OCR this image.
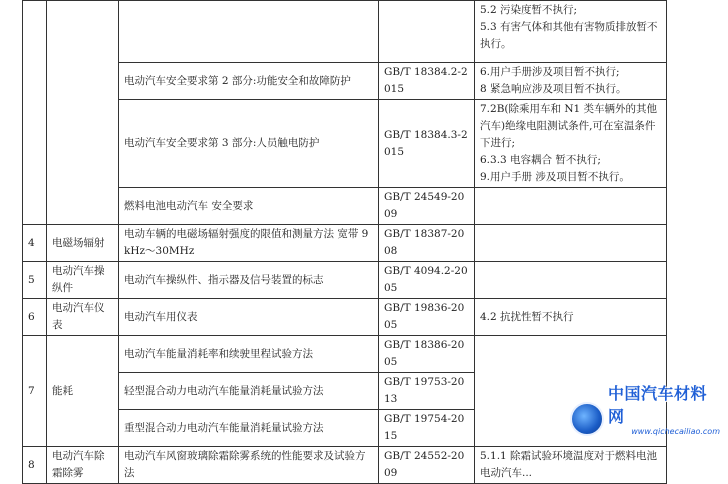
				5.2 污染度暂不执行;
5.3 有害气体和其他有害物质排放暂不执行。

		电动汽车安全要求第 2 部分:功能安全和故障防护	GB/T 18384.2-2015	6.用户手册涉及项目暂不执行;
8 紧急响应涉及项目暂不执行。

		电动汽车安全要求第 3 部分:人员触电防护	GB/T 18384.3-2015	7.2B(除乘用车和 N1 类车辆外的其他汽车)绝缘电阻测试条件,可在室温条件下进行;
6.3.3 电容耦合 暂不执行;
9.用户手册 涉及项目暂不执行。

		燃料电池电动汽车 安全要求	GB/T 24549-2009	
4	电磁场辐射	电动车辆的电磁场辐射强度的限值和测量方法 宽带 9kHz～30MHz	GB/T 18387-2008	
5	电动汽车操纵件	电动汽车操纵件、指示器及信号装置的标志	GB/T 4094.2-2005	
6	电动汽车仪表	电动汽车用仪表	GB/T 19836-2005	4.2 抗扰性暂不执行
7	能耗	电动汽车能量消耗率和续驶里程试验方法	GB/T 18386-2005	
		轻型混合动力电动汽车能量消耗量试验方法	GB/T 19753-2013	
		重型混合动力电动汽车能量消耗量试验方法	GB/T 19754-2015	
8	电动汽车除霜除雾	电动汽车风窗玻璃除霜除雾系统的性能要求及试验方法	GB/T 24552-2009	5.1.1 除霜试验环境温度对于燃料电池电动汽车...
中国汽车材料网
www.qichecailiao.com
